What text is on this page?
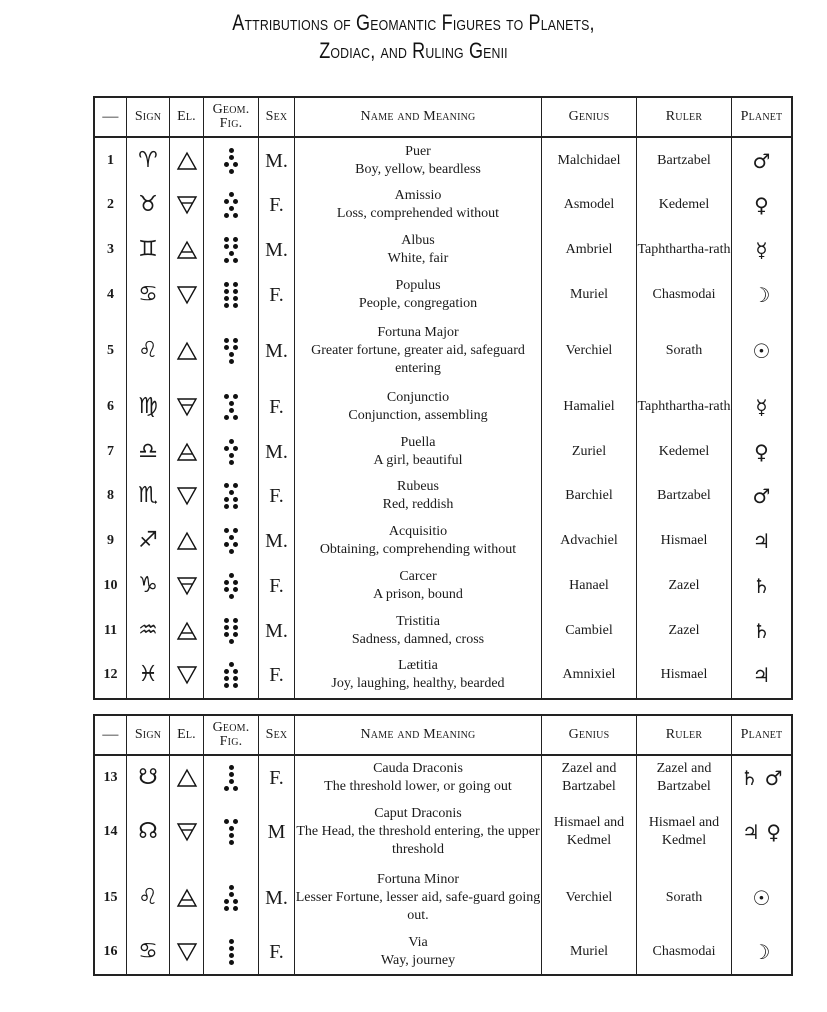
Attributions of Geomantic Figures to Planets,
Zodiac, and Ruling Genii
—	Sign	El.	Geom.
Fig.	Sex	Name and Meaning	Genius	Ruler	Planet
1	♈			M.	Puer
Boy, yellow, beardless	Malchidael	Bartzabel	♂
2	♉			F.	Amissio
Loss, comprehended without	Asmodel	Kedemel	♀
3	♊			M.	Albus
White, fair	Ambriel	Taphthartha-rath	☿
4	♋			F.	Populus
People, congregation	Muriel	Chasmodai	☽
5	♌			M.	Fortuna Major
Greater fortune, greater aid, safeguard entering	Verchiel	Sorath	☉
6	♍			F.	Conjunctio
Conjunction, assembling	Hamaliel	Taphthartha-rath	☿
7	♎			M.	Puella
A girl, beautiful	Zuriel	Kedemel	♀
8	♏			F.	Rubeus
Red, reddish	Barchiel	Bartzabel	♂
9	♐			M.	Acquisitio
Obtaining, comprehending without	Advachiel	Hismael	♃
10	♑			F.	Carcer
A prison, bound	Hanael	Zazel	♄
11	♒			M.	Tristitia
Sadness, damned, cross	Cambiel	Zazel	♄
12	♓			F.	Lætitia
Joy, laughing, healthy, bearded	Amnixiel	Hismael	♃
—	Sign	El.	Geom.
Fig.	Sex	Name and Meaning	Genius	Ruler	Planet
13	☋			F.	Cauda Draconis
The threshold lower, or going out	Zazel and Bartzabel	Zazel and Bartzabel	♄ ♂
14	☊			M	Caput Draconis
The Head, the threshold entering, the upper threshold	Hismael and Kedmel	Hismael and Kedmel	♃ ♀
15	♌			M.	Fortuna Minor
Lesser Fortune, lesser aid, safe-guard going out.	Verchiel	Sorath	☉
16	♋			F.	Via
Way, journey	Muriel	Chasmodai	☽
